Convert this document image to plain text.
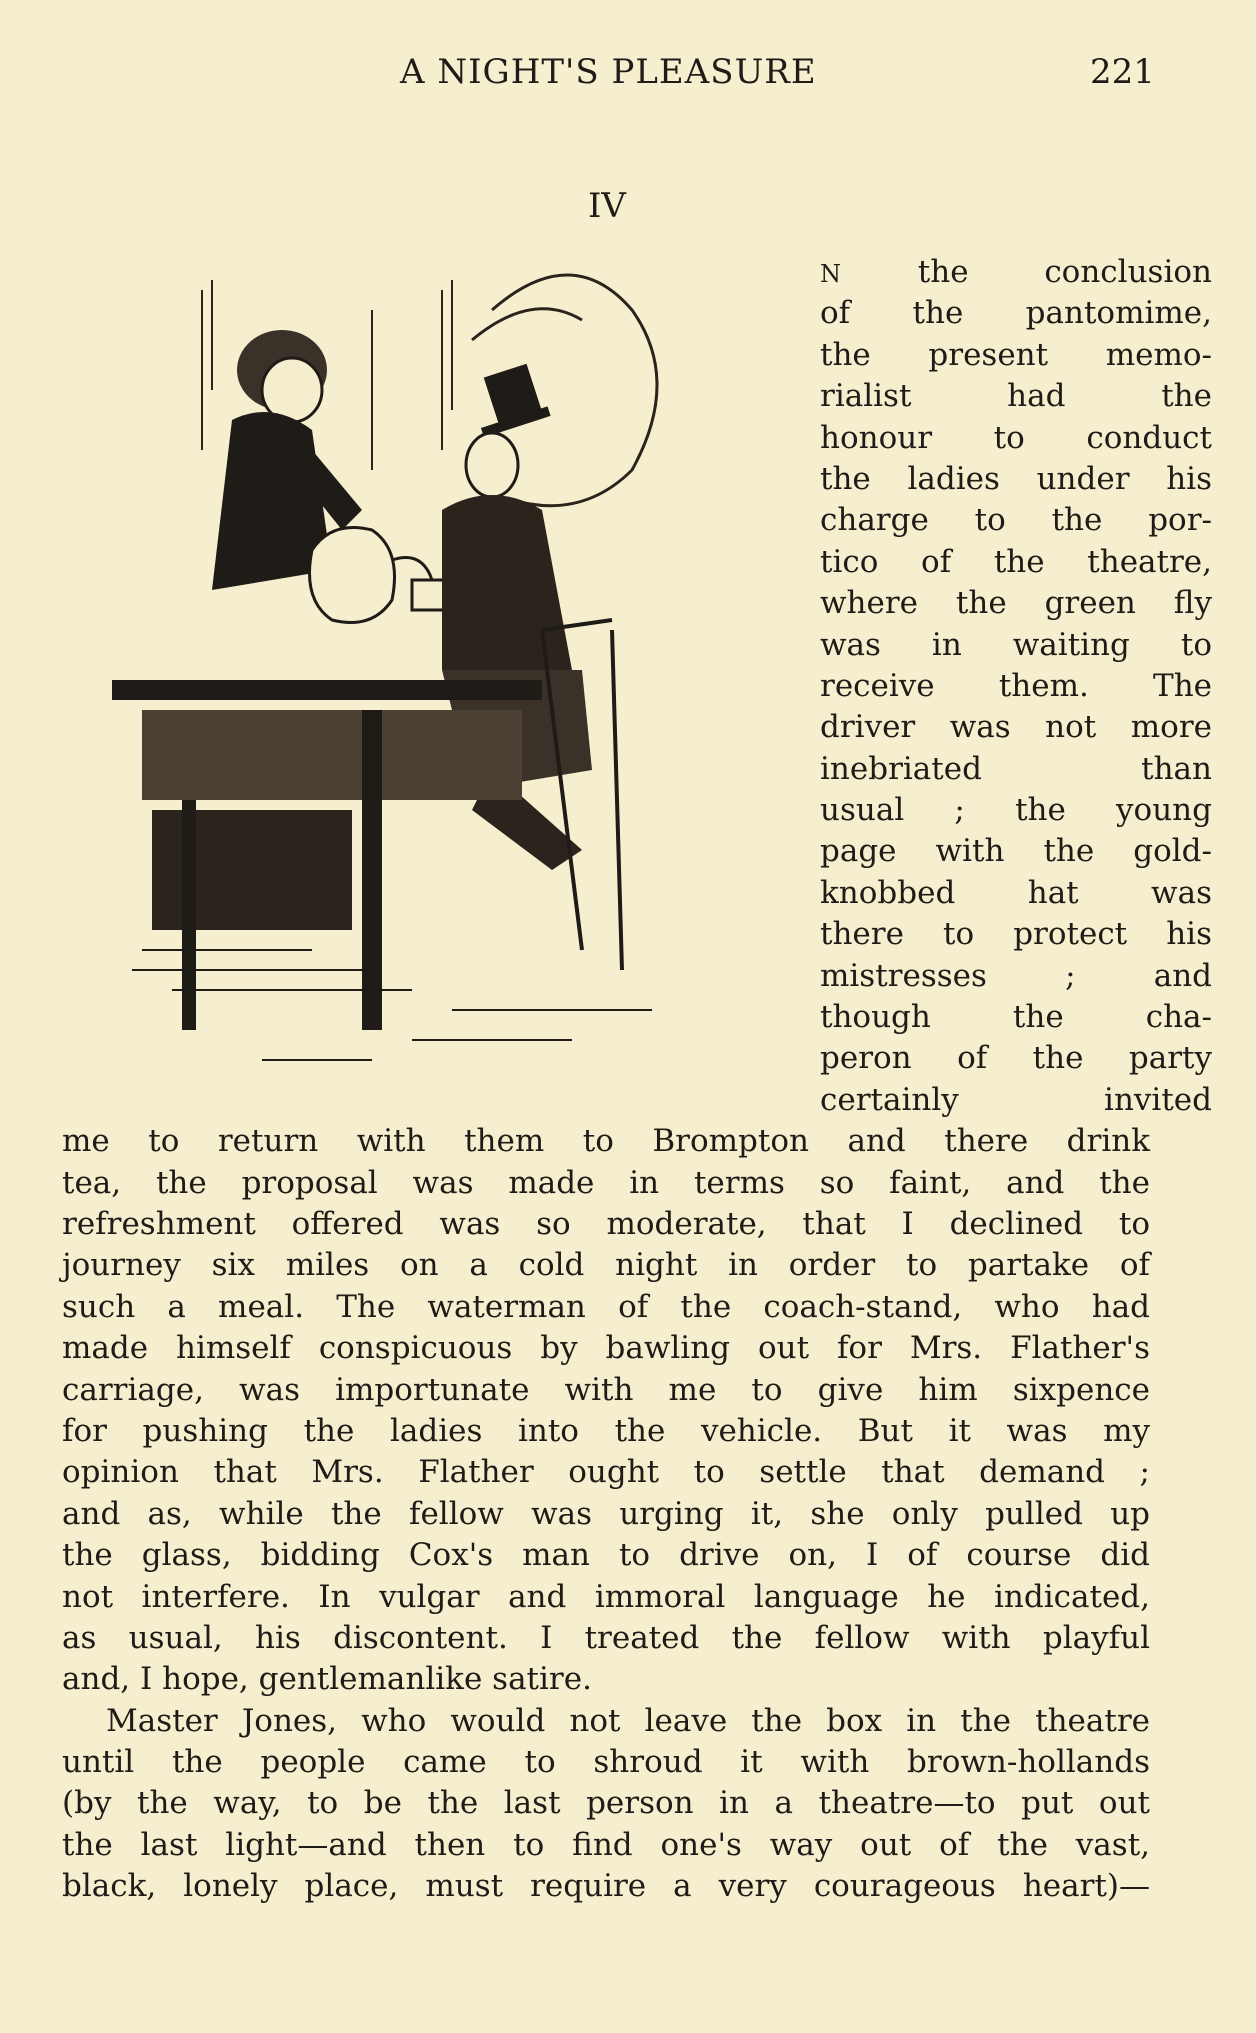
A NIGHT'S PLEASURE	221
IV
N the conclusion
of the pantomime,
the present memo-
rialist had the
honour to conduct
the ladies under his
charge to the por-
tico of the theatre,
where the green fly
was in waiting to
receive them. The
driver was not more
inebriated than
usual ; the young
page with the gold-
knobbed hat was
there to protect his
mistresses ; and
though the cha-
peron of the party
certainly invited
me to return with them to Brompton and there drink
tea, the proposal was made in terms so faint, and the
refreshment offered was so moderate, that I declined to
journey six miles on a cold night in order to partake of
such a meal. The waterman of the coach-stand, who had
made himself conspicuous by bawling out for Mrs. Flather's
carriage, was importunate with me to give him sixpence
for pushing the ladies into the vehicle. But it was my
opinion that Mrs. Flather ought to settle that demand ;
and as, while the fellow was urging it, she only pulled up
the glass, bidding Cox's man to drive on, I of course did
not interfere. In vulgar and immoral language he indicated,
as usual, his discontent. I treated the fellow with playful
and, I hope, gentlemanlike satire.
Master Jones, who would not leave the box in the theatre
until the people came to shroud it with brown-hollands
(by the way, to be the last person in a theatre—to put out
the last light—and then to find one's way out of the vast,
black, lonely place, must require a very courageous heart)—
